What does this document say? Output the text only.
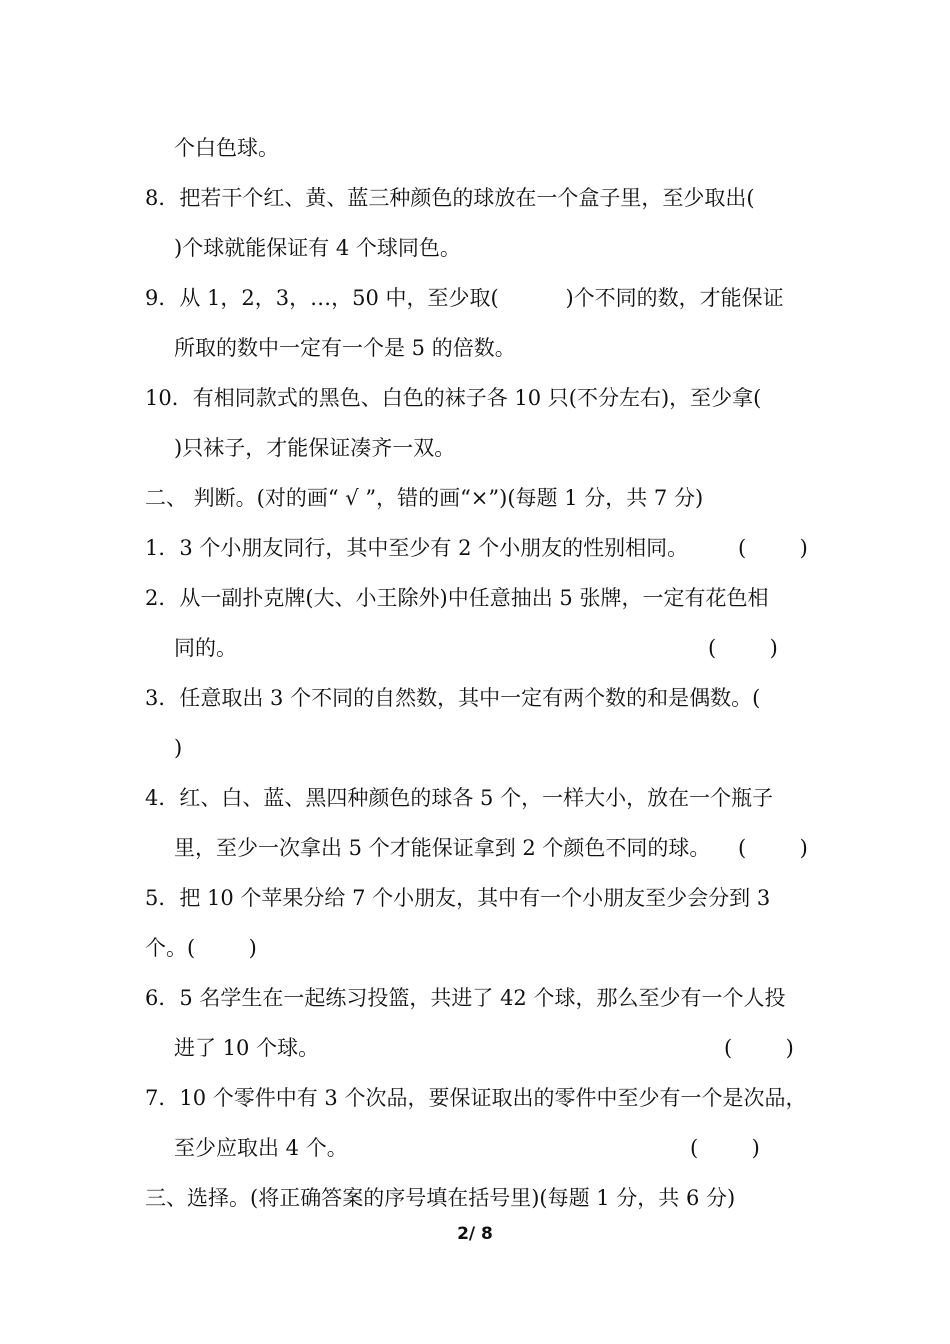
个白色球。
8．把若干个红、黄、蓝三种颜色的球放在一个盒子里，至少取出(
)个球就能保证有 4 个球同色。
9．从 1，2，3，…，50 中，至少取(          )个不同的数，才能保证
所取的数中一定有一个是 5 的倍数。
10．有相同款式的黑色、白色的袜子各 10 只(不分左右)，至少拿(
)只袜子，才能保证凑齐一双。
二、 判断。(对的画“ √ ”，错的画“×”)(每题 1 分，共 7 分)
1．3 个小朋友同行，其中至少有 2 个小朋友的性别相同。 (        )
2．从一副扑克牌(大、小王除外)中任意抽出 5 张牌，一定有花色相
同的。	(        )
3．任意取出 3 个不同的自然数，其中一定有两个数的和是偶数。(
)
4．红、白、蓝、黑四种颜色的球各 5 个，一样大小，放在一个瓶子
里，至少一次拿出 5 个才能保证拿到 2 个颜色不同的球。 (        )
5．把 10 个苹果分给 7 个小朋友，其中有一个小朋友至少会分到 3
个。(        )
6．5 名学生在一起练习投篮，共进了 42 个球，那么至少有一个人投
进了 10 个球。	(        )
7．10 个零件中有 3 个次品，要保证取出的零件中至少有一个是次品，
至少应取出 4 个。	(        )
三、选择。(将正确答案的序号填在括号里)(每题 1 分，共 6 分)
2/ 8
